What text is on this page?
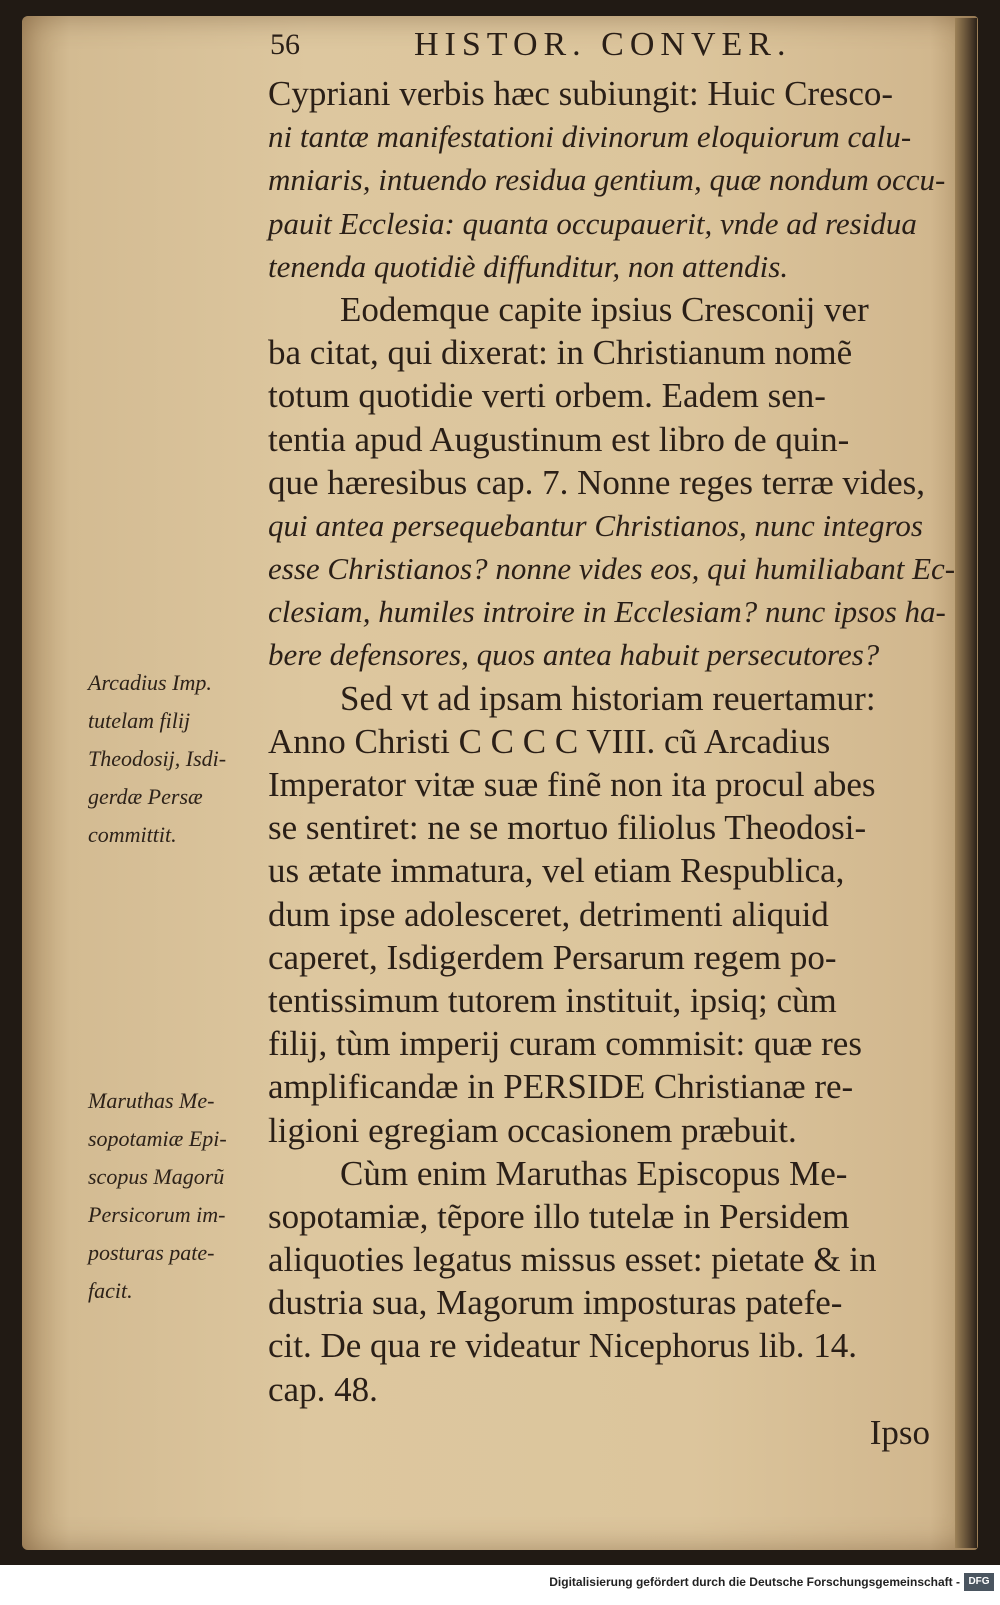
56	HISTOR. CONVER.
Cypriani verbis hæc subiungit: Huic Cresco-
ni tantæ manifestationi divinorum eloquiorum calu-
mniaris, intuendo residua gentium, quæ nondum occu-
pauit Ecclesia: quanta occupauerit, vnde ad residua
tenenda quotidiè diffunditur, non attendis.
Eodemque capite ipsius Cresconij ver
ba citat, qui dixerat: in Christianum nomẽ
totum quotidie verti orbem. Eadem sen-
tentia apud Augustinum est libro de quin-
que hæresibus cap. 7. Nonne reges terræ vides,
qui antea persequebantur Christianos, nunc integros
esse Christianos? nonne vides eos, qui humiliabant Ec-
clesiam, humiles introire in Ecclesiam? nunc ipsos ha-
bere defensores, quos antea habuit persecutores?
Sed vt ad ipsam historiam reuertamur:
Anno Christi C C C C VIII. cũ Arcadius
Imperator vitæ suæ finẽ non ita procul abes
se sentiret: ne se mortuo filiolus Theodosi-
us ætate immatura, vel etiam Respublica,
dum ipse adolesceret, detrimenti aliquid
caperet, Isdigerdem Persarum regem po-
tentissimum tutorem instituit, ipsiq; cùm
filij, tùm imperij curam commisit: quæ res
amplificandæ in PERSIDE Christianæ re-
ligioni egregiam occasionem præbuit.
Cùm enim Maruthas Episcopus Me-
sopotamiæ, tẽpore illo tutelæ in Persidem
aliquoties legatus missus esset: pietate & in
dustria sua, Magorum imposturas patefe-
cit. De qua re videatur Nicephorus lib. 14.
cap. 48.
Ipso
Arcadius Imp.
tutelam filij
Theodosij, Isdi-
gerdæ Persæ
committit.
Maruthas Me-
sopotamiæ Epi-
scopus Magorũ
Persicorum im-
posturas pate-
facit.
Digitalisierung gefördert durch die Deutsche Forschungsgemeinschaft - DFG
